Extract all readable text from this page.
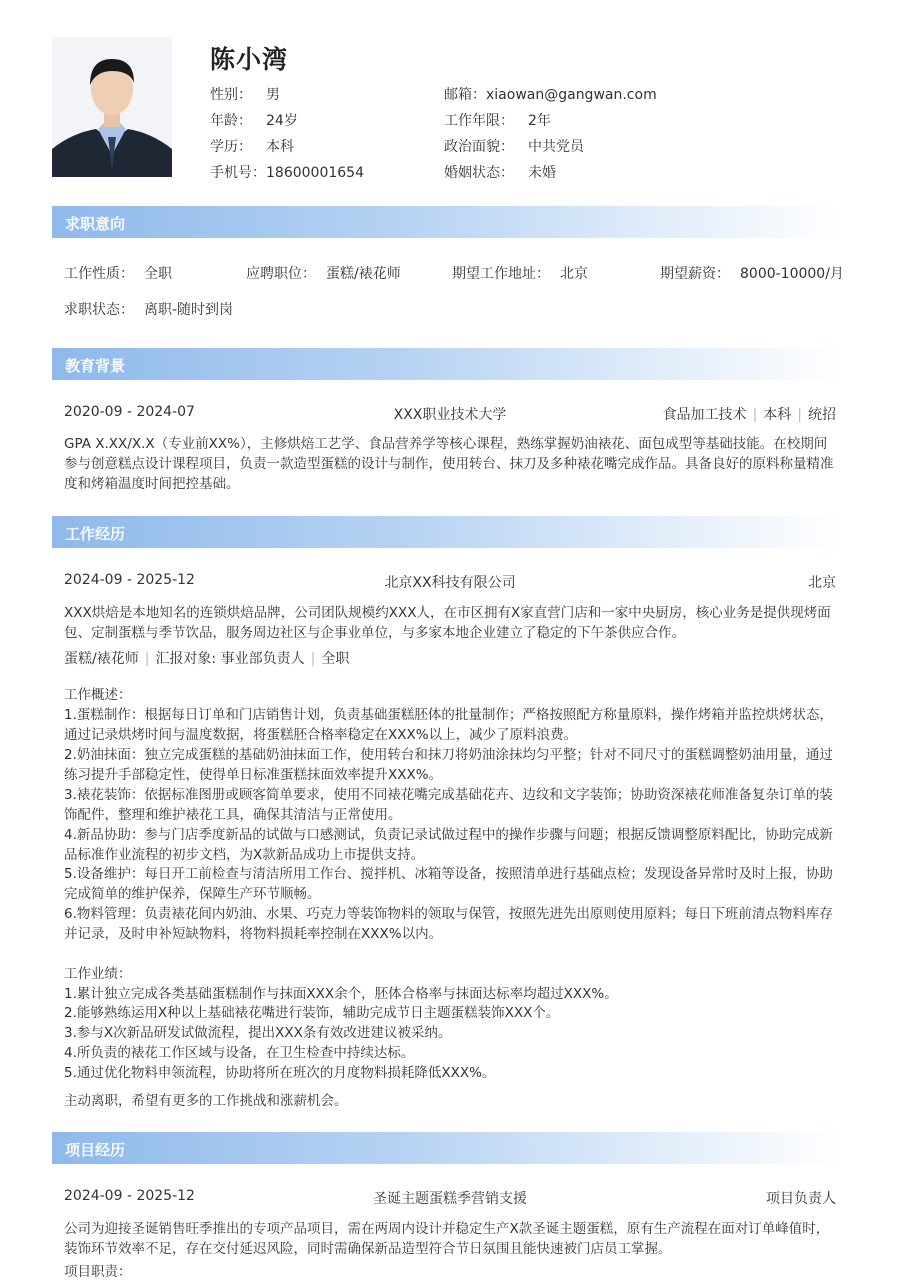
陈小湾
性别： 男
年龄： 24岁
学历： 本科
手机号：18600001654
邮箱：xiaowan@gangwan.com
工作年限： 2年
政治面貌： 中共党员
婚姻状态： 未婚
求职意向
工作性质： 全职	应聘职位： 蛋糕/裱花师	期望工作地址： 北京	期望薪资： 8000-10000/月
求职状态： 离职-随时到岗
教育背景
2020-09 - 2024-07	XXX职业技术大学	食品加工技术 | 本科 | 统招
GPA X.XX/X.X（专业前XX%），主修烘焙工艺学、食品营养学等核心课程，熟练掌握奶油裱花、面包成型等基础技能。在校期间参与创意糕点设计课程项目，负责一款造型蛋糕的设计与制作，使用转台、抹刀及多种裱花嘴完成作品。具备良好的原料称量精准度和烤箱温度时间把控基础。
工作经历
2024-09 - 2025-12	北京XX科技有限公司	北京
XXX烘焙是本地知名的连锁烘焙品牌，公司团队规模约XXX人，在市区拥有X家直营门店和一家中央厨房，核心业务是提供现烤面包、定制蛋糕与季节饮品，服务周边社区与企事业单位，与多家本地企业建立了稳定的下午茶供应合作。
蛋糕/裱花师 | 汇报对象: 事业部负责人 | 全职
工作概述：
1.蛋糕制作：根据每日订单和门店销售计划，负责基础蛋糕胚体的批量制作；严格按照配方称量原料，操作烤箱并监控烘烤状态，通过记录烘烤时间与温度数据，将蛋糕胚合格率稳定在XXX%以上，减少了原料浪费。
2.奶油抹面：独立完成蛋糕的基础奶油抹面工作，使用转台和抹刀将奶油涂抹均匀平整；针对不同尺寸的蛋糕调整奶油用量，通过练习提升手部稳定性，使得单日标准蛋糕抹面效率提升XXX%。
3.裱花装饰：依据标准图册或顾客简单要求，使用不同裱花嘴完成基础花卉、边纹和文字装饰；协助资深裱花师准备复杂订单的装饰配件，整理和维护裱花工具，确保其清洁与正常使用。
4.新品协助：参与门店季度新品的试做与口感测试，负责记录试做过程中的操作步骤与问题；根据反馈调整原料配比，协助完成新品标准作业流程的初步文档，为X款新品成功上市提供支持。
5.设备维护：每日开工前检查与清洁所用工作台、搅拌机、冰箱等设备，按照清单进行基础点检；发现设备异常时及时上报，协助完成简单的维护保养，保障生产环节顺畅。
6.物料管理：负责裱花间内奶油、水果、巧克力等装饰物料的领取与保管，按照先进先出原则使用原料；每日下班前清点物料库存并记录，及时申补短缺物料，将物料损耗率控制在XXX%以内。
工作业绩：
1.累计独立完成各类基础蛋糕制作与抹面XXX余个，胚体合格率与抹面达标率均超过XXX%。
2.能够熟练运用X种以上基础裱花嘴进行装饰，辅助完成节日主题蛋糕装饰XXX个。
3.参与X次新品研发试做流程，提出XXX条有效改进建议被采纳。
4.所负责的裱花工作区域与设备，在卫生检查中持续达标。
5.通过优化物料申领流程，协助将所在班次的月度物料损耗降低XXX%。
主动离职，希望有更多的工作挑战和涨薪机会。
项目经历
2024-09 - 2025-12	圣诞主题蛋糕季营销支援	项目负责人
公司为迎接圣诞销售旺季推出的专项产品项目，需在两周内设计并稳定生产X款圣诞主题蛋糕，原有生产流程在面对订单峰值时，装饰环节效率不足，存在交付延迟风险，同时需确保新品造型符合节日氛围且能快速被门店员工掌握。
项目职责：
